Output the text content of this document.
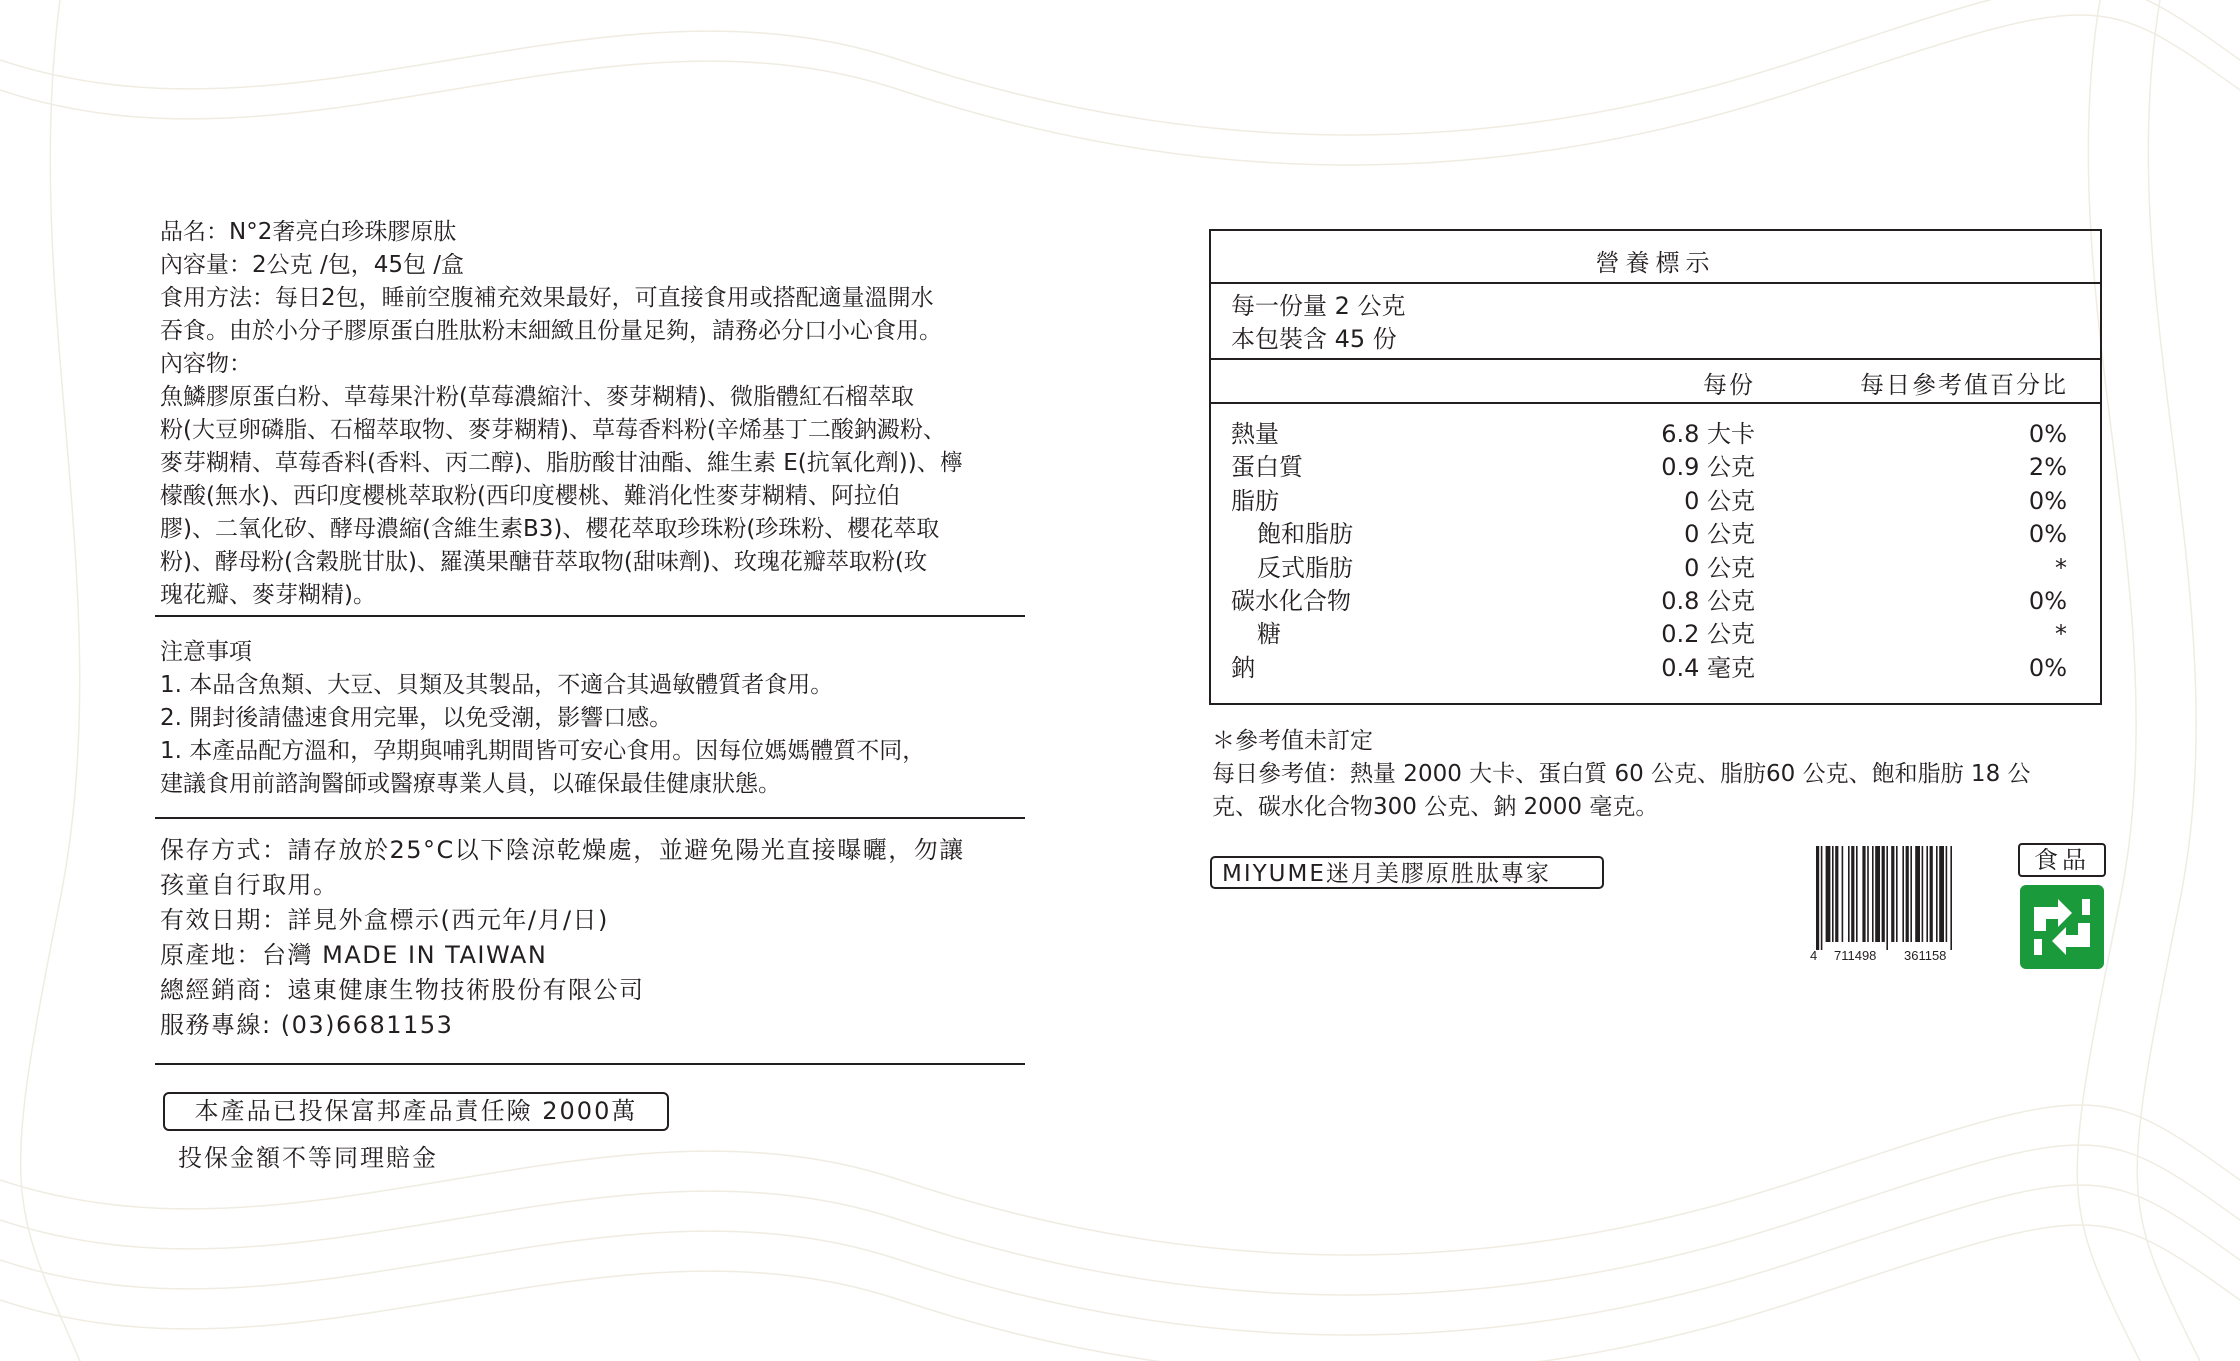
品名：N°2奢亮白珍珠膠原肽
內容量：2公克 /包，45包 /盒
食用方法：每日2包，睡前空腹補充效果最好，可直接食用或搭配適量溫開水
吞食。由於小分子膠原蛋白胜肽粉末細緻且份量足夠，請務必分口小心食用。
內容物：
魚鱗膠原蛋白粉、草莓果汁粉(草莓濃縮汁、麥芽糊精)、微脂體紅石榴萃取
粉(大豆卵磷脂、石榴萃取物、麥芽糊精)、草莓香料粉(辛烯基丁二酸鈉澱粉、
麥芽糊精、草莓香料(香料、丙二醇)、脂肪酸甘油酯、維生素 E(抗氧化劑))、檸
檬酸(無水)、西印度櫻桃萃取粉(西印度櫻桃、難消化性麥芽糊精、阿拉伯
膠)、二氧化矽、酵母濃縮(含維生素B3)、櫻花萃取珍珠粉(珍珠粉、櫻花萃取
粉)、酵母粉(含穀胱甘肽)、羅漢果醣苷萃取物(甜味劑)、玫瑰花瓣萃取粉(玫
瑰花瓣、麥芽糊精)。
注意事項
1. 本品含魚類、大豆、貝類及其製品，不適合其過敏體質者食用。
2. 開封後請儘速食用完畢，以免受潮，影響口感。
1. 本產品配方溫和，孕期與哺乳期間皆可安心食用。因每位媽媽體質不同，
建議食用前諮詢醫師或醫療專業人員，以確保最佳健康狀態。
保存方式：請存放於25°C以下陰涼乾燥處，並避免陽光直接曝曬，勿讓
孩童自行取用。
有效日期：詳見外盒標示(西元年/月/日)
原產地：台灣 MADE IN TAIWAN
總經銷商：遠東健康生物技術股份有限公司
服務專線: (03)6681153
本產品已投保富邦產品責任險 2000萬
投保金額不等同理賠金
營養標示
每一份量 2 公克
本包裝含 45 份
每份	每日參考值百分比
熱量	6.8 大卡	0%
蛋白質	0.9 公克	2%
脂肪	0 公克	0%
飽和脂肪	0 公克	0%
反式脂肪	0 公克	*
碳水化合物	0.8 公克	0%
糖	0.2 公克	*
鈉	0.4 毫克	0%
＊參考值未訂定
每日參考值：熱量 2000 大卡、蛋白質 60 公克、脂肪60 公克、飽和脂肪 18 公
克、碳水化合物300 公克、鈉 2000 毫克。
MIYUME迷月美膠原胜肽專家
4 711498 361158
食品
